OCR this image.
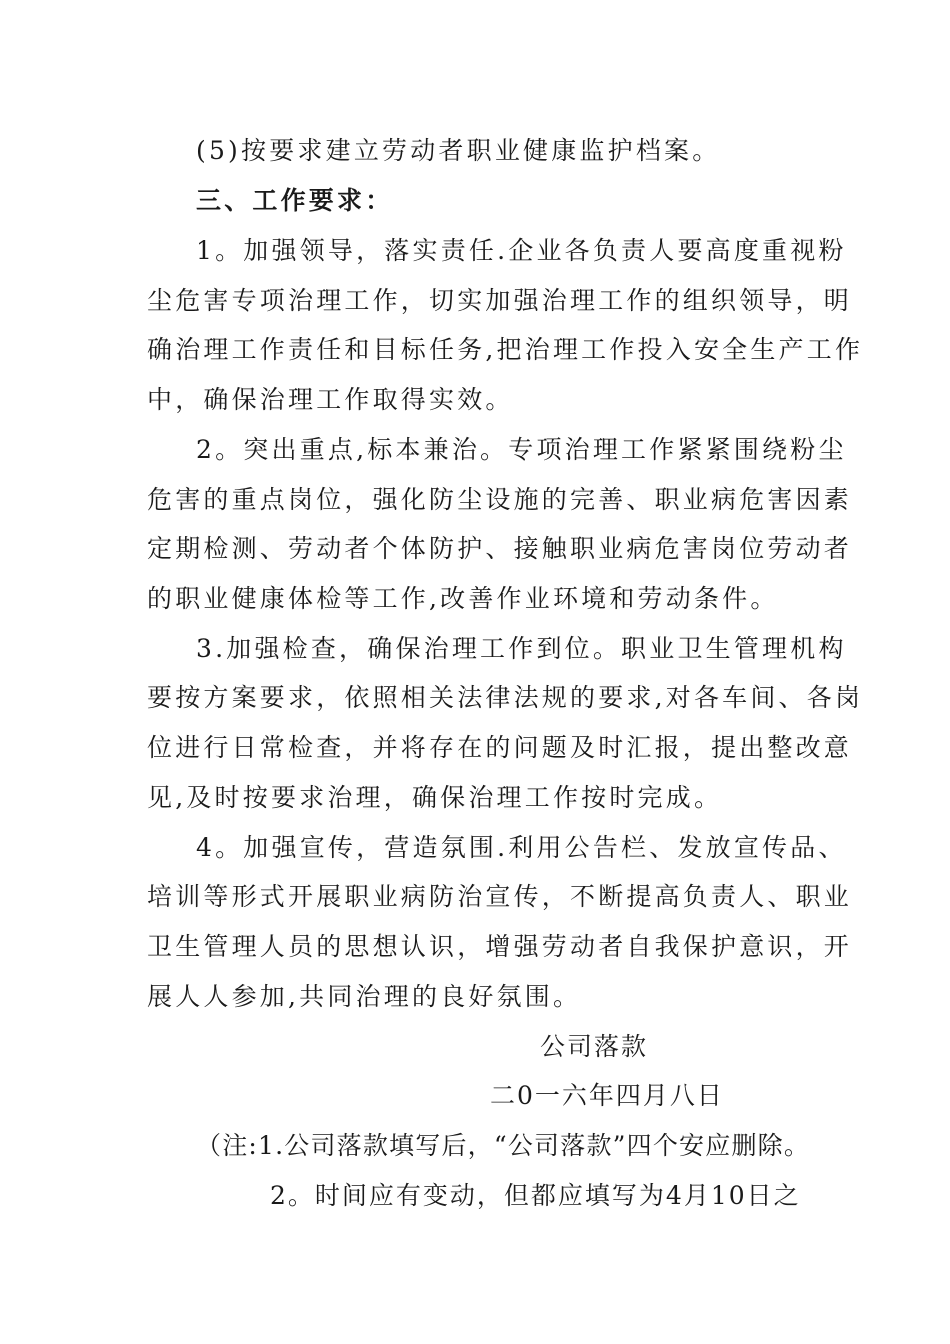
(5)按要求建立劳动者职业健康监护档案。
三、工作要求：
1。加强领导，落实责任.企业各负责人要高度重视粉
尘危害专项治理工作，切实加强治理工作的组织领导，明
确治理工作责任和目标任务,把治理工作投入安全生产工作
中，确保治理工作取得实效。
2。突出重点,标本兼治。专项治理工作紧紧围绕粉尘
危害的重点岗位，强化防尘设施的完善、职业病危害因素
定期检测、劳动者个体防护、接触职业病危害岗位劳动者
的职业健康体检等工作,改善作业环境和劳动条件。
3.加强检查，确保治理工作到位。职业卫生管理机构
要按方案要求，依照相关法律法规的要求,对各车间、各岗
位进行日常检查，并将存在的问题及时汇报，提出整改意
见,及时按要求治理，确保治理工作按时完成。
4。加强宣传，营造氛围.利用公告栏、发放宣传品、
培训等形式开展职业病防治宣传，不断提高负责人、职业
卫生管理人员的思想认识，增强劳动者自我保护意识，开
展人人参加,共同治理的良好氛围。
公司落款
二0一六年四月八日
（注:1.公司落款填写后，“公司落款”四个安应删除。
2。时间应有变动，但都应填写为4月10日之
